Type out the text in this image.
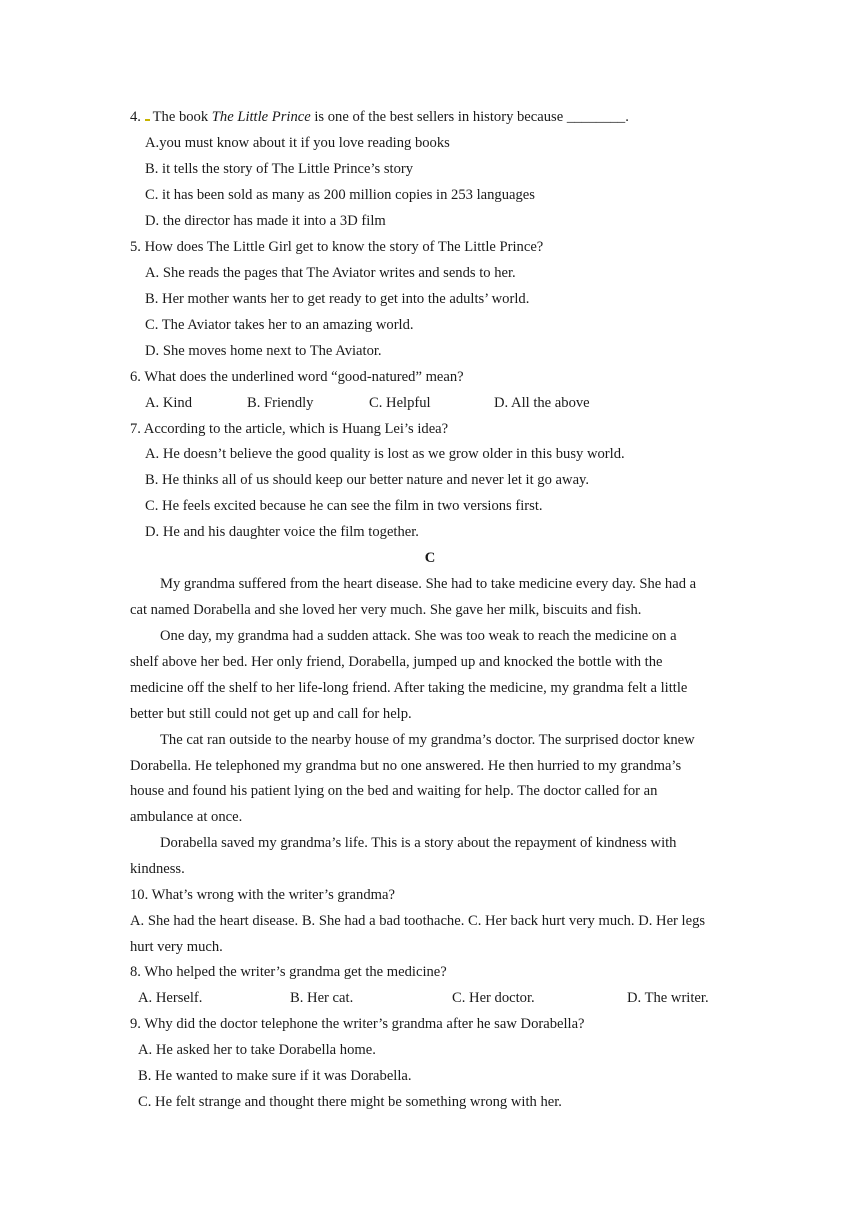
4. The book The Little Prince is one of the best sellers in history because ________.
A.you must know about it if you love reading books
B. it tells the story of The Little Prince’s story
C. it has been sold as many as 200 million copies in 253 languages
D. the director has made it into a 3D film
5. How does The Little Girl get to know the story of The Little Prince?
A. She reads the pages that The Aviator writes and sends to her.
B. Her mother wants her to get ready to get into the adults’ world.
C. The Aviator takes her to an amazing world.
D. She moves home next to The Aviator.
6. What does the underlined word “good-natured” mean?
A. Kind	B. Friendly	C. Helpful	D. All the above
7. According to the article, which is Huang Lei’s idea?
A. He doesn’t believe the good quality is lost as we grow older in this busy world.
B. He thinks all of us should keep our better nature and never let it go away.
C. He feels excited because he can see the film in two versions first.
D. He and his daughter voice the film together.
C
My grandma suffered from the heart disease. She had to take medicine every day. She had a
cat named Dorabella and she loved her very much. She gave her milk, biscuits and fish.
One day, my grandma had a sudden attack. She was too weak to reach the medicine on a
shelf above her bed. Her only friend, Dorabella, jumped up and knocked the bottle with the
medicine off the shelf to her life-long friend. After taking the medicine, my grandma felt a little
better but still could not get up and call for help.
The cat ran outside to the nearby house of my grandma’s doctor. The surprised doctor knew
Dorabella. He telephoned my grandma but no one answered. He then hurried to my grandma’s
house and found his patient lying on the bed and waiting for help. The doctor called for an
ambulance at once.
Dorabella saved my grandma’s life. This is a story about the repayment of kindness with
kindness.
10. What’s wrong with the writer’s grandma?
A. She had the heart disease. B. She had a bad toothache. C. Her back hurt very much. D. Her legs
hurt very much.
8. Who helped the writer’s grandma get the medicine?
A. Herself.	B. Her cat.	C. Her doctor.	D. The writer.
9. Why did the doctor telephone the writer’s grandma after he saw Dorabella?
A. He asked her to take Dorabella home.
B. He wanted to make sure if it was Dorabella.
C. He felt strange and thought there might be something wrong with her.
